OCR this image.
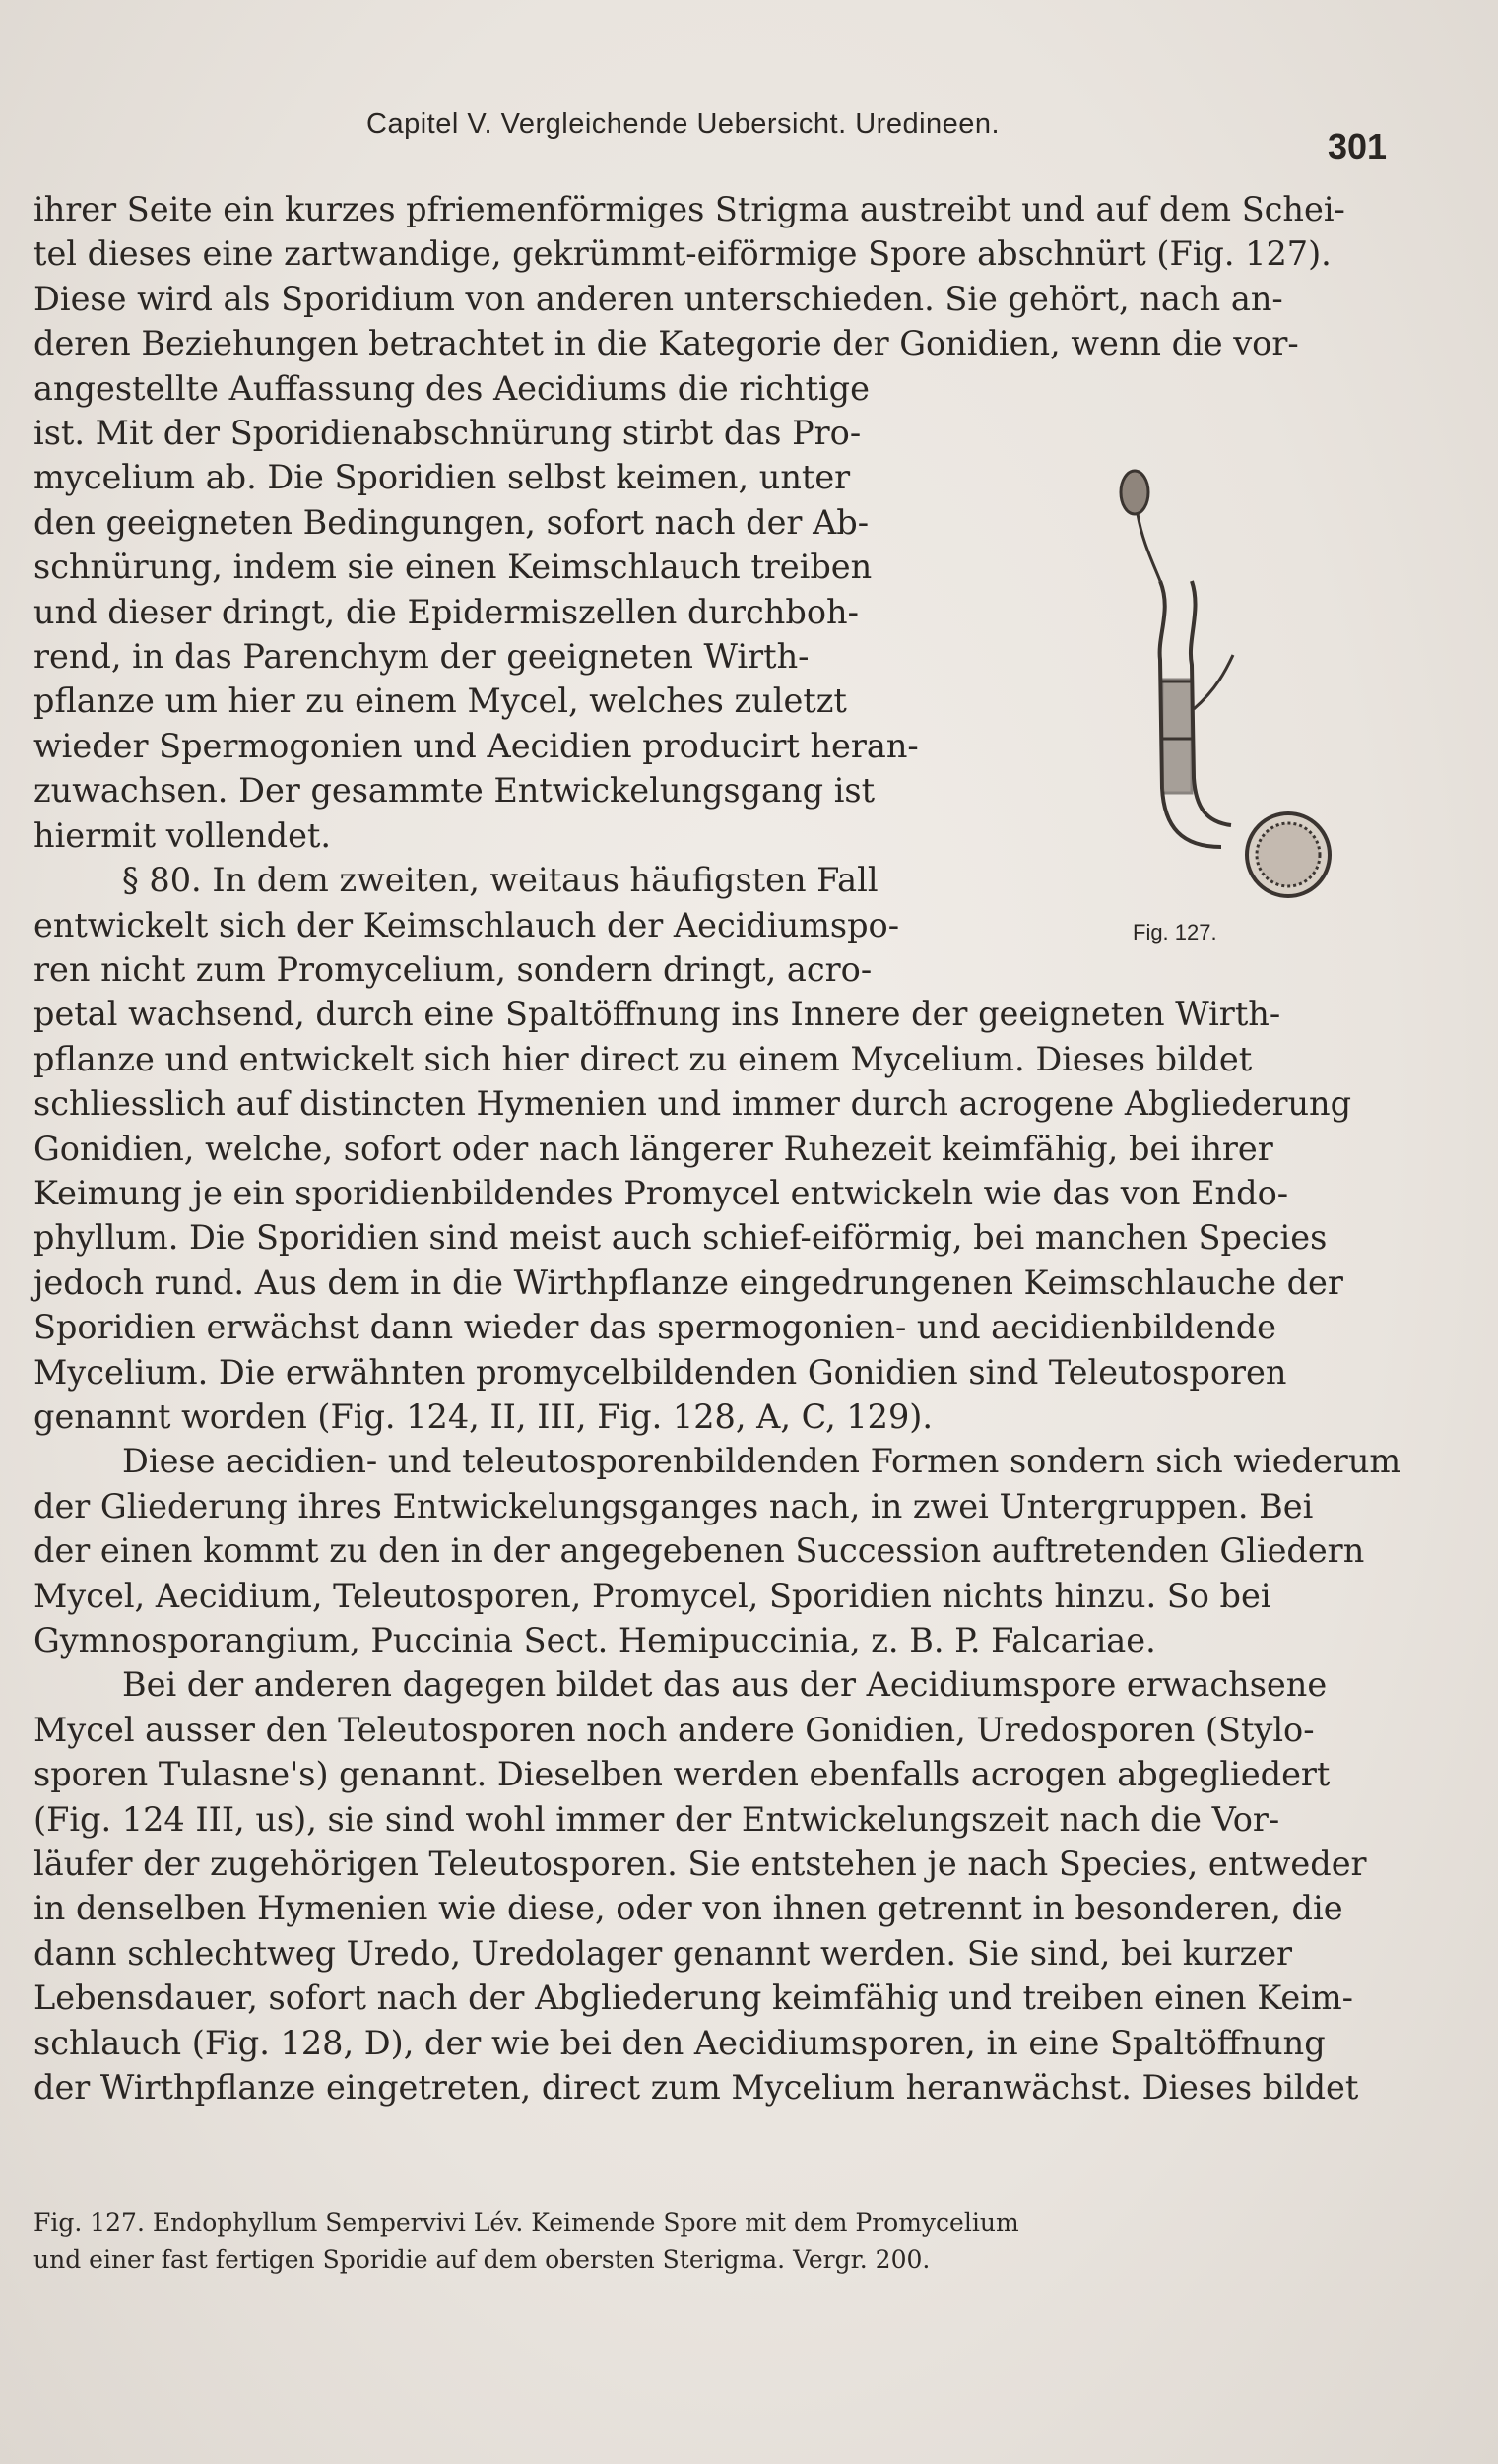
Capitel V. Vergleichende Uebersicht. Uredineen.
301
ihrer Seite ein kurzes pfriemenförmiges Strigma austreibt und auf dem Schei-
tel dieses eine zartwandige, gekrümmt-eiförmige Spore abschnürt (Fig. 127).
Diese wird als Sporidium von anderen unterschieden. Sie gehört, nach an-
deren Beziehungen betrachtet in die Kategorie der Gonidien, wenn die vor-
angestellte Auffassung des Aecidiums die richtige
ist. Mit der Sporidienabschnürung stirbt das Pro-
mycelium ab. Die Sporidien selbst keimen, unter
den geeigneten Bedingungen, sofort nach der Ab-
schnürung, indem sie einen Keimschlauch treiben
und dieser dringt, die Epidermiszellen durchboh-
rend, in das Parenchym der geeigneten Wirth-
pflanze um hier zu einem Mycel, welches zuletzt
wieder Spermogonien und Aecidien producirt heran-
zuwachsen. Der gesammte Entwickelungsgang ist
hiermit vollendet.
§ 80. In dem zweiten, weitaus häufigsten Fall
entwickelt sich der Keimschlauch der Aecidiumspo-
ren nicht zum Promycelium, sondern dringt, acro-
petal wachsend, durch eine Spaltöffnung ins Innere der geeigneten Wirth-
pflanze und entwickelt sich hier direct zu einem Mycelium. Dieses bildet
schliesslich auf distincten Hymenien und immer durch acrogene Abgliederung
Gonidien, welche, sofort oder nach längerer Ruhezeit keimfähig, bei ihrer
Keimung je ein sporidienbildendes Promycel entwickeln wie das von Endo-
phyllum. Die Sporidien sind meist auch schief-eiförmig, bei manchen Species
jedoch rund. Aus dem in die Wirthpflanze eingedrungenen Keimschlauche der
Sporidien erwächst dann wieder das spermogonien- und aecidienbildende
Mycelium. Die erwähnten promycelbildenden Gonidien sind Teleutosporen
genannt worden (Fig. 124, II, III, Fig. 128, A, C, 129).
Diese aecidien- und teleutosporenbildenden Formen sondern sich wiederum
der Gliederung ihres Entwickelungsganges nach, in zwei Untergruppen. Bei
der einen kommt zu den in der angegebenen Succession auftretenden Gliedern
Mycel, Aecidium, Teleutosporen, Promycel, Sporidien nichts hinzu. So bei
Gymnosporangium, Puccinia Sect. Hemipuccinia, z. B. P. Falcariae.
Bei der anderen dagegen bildet das aus der Aecidiumspore erwachsene
Mycel ausser den Teleutosporen noch andere Gonidien, Uredosporen (Stylo-
sporen Tulasne's) genannt. Dieselben werden ebenfalls acrogen abgegliedert
(Fig. 124 III, us), sie sind wohl immer der Entwickelungszeit nach die Vor-
läufer der zugehörigen Teleutosporen. Sie entstehen je nach Species, entweder
in denselben Hymenien wie diese, oder von ihnen getrennt in besonderen, die
dann schlechtweg Uredo, Uredolager genannt werden. Sie sind, bei kurzer
Lebensdauer, sofort nach der Abgliederung keimfähig und treiben einen Keim-
schlauch (Fig. 128, D), der wie bei den Aecidiumsporen, in eine Spaltöffnung
der Wirthpflanze eingetreten, direct zum Mycelium heranwächst. Dieses bildet
Fig. 127.
Fig. 127. Endophyllum Sempervivi Lév. Keimende Spore mit dem Promycelium
und einer fast fertigen Sporidie auf dem obersten Sterigma. Vergr. 200.
